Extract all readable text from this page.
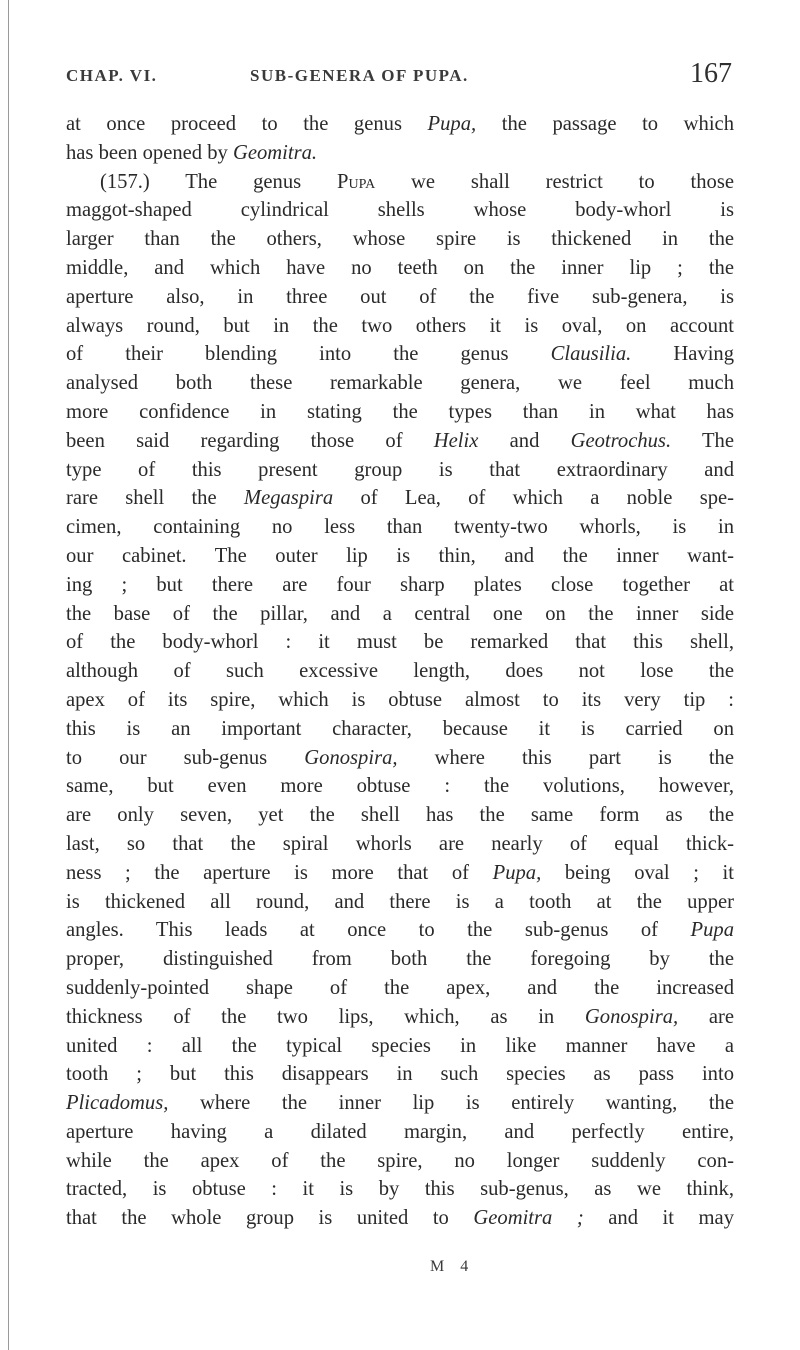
CHAP. VI.	SUB-GENERA OF PUPA.	167
at once proceed to the genus Pupa, the passage to which
has been opened by Geomitra.
(157.) The genus Pupa we shall restrict to those
maggot-shaped cylindrical shells whose body-whorl is
larger than the others, whose spire is thickened in the
middle, and which have no teeth on the inner lip ; the
aperture also, in three out of the five sub-genera, is
always round, but in the two others it is oval, on account
of their blending into the genus Clausilia. Having
analysed both these remarkable genera, we feel much
more confidence in stating the types than in what has
been said regarding those of Helix and Geotrochus. The
type of this present group is that extraordinary and
rare shell the Megaspira of Lea, of which a noble spe-
cimen, containing no less than twenty-two whorls, is in
our cabinet. The outer lip is thin, and the inner want-
ing ; but there are four sharp plates close together at
the base of the pillar, and a central one on the inner side
of the body-whorl : it must be remarked that this shell,
although of such excessive length, does not lose the
apex of its spire, which is obtuse almost to its very tip :
this is an important character, because it is carried on
to our sub-genus Gonospira, where this part is the
same, but even more obtuse : the volutions, however,
are only seven, yet the shell has the same form as the
last, so that the spiral whorls are nearly of equal thick-
ness ; the aperture is more that of Pupa, being oval ; it
is thickened all round, and there is a tooth at the upper
angles. This leads at once to the sub-genus of Pupa
proper, distinguished from both the foregoing by the
suddenly-pointed shape of the apex, and the increased
thickness of the two lips, which, as in Gonospira, are
united : all the typical species in like manner have a
tooth ; but this disappears in such species as pass into
Plicadomus, where the inner lip is entirely wanting, the
aperture having a dilated margin, and perfectly entire,
while the apex of the spire, no longer suddenly con-
tracted, is obtuse : it is by this sub-genus, as we think,
that the whole group is united to Geomitra ; and it may
M 4
